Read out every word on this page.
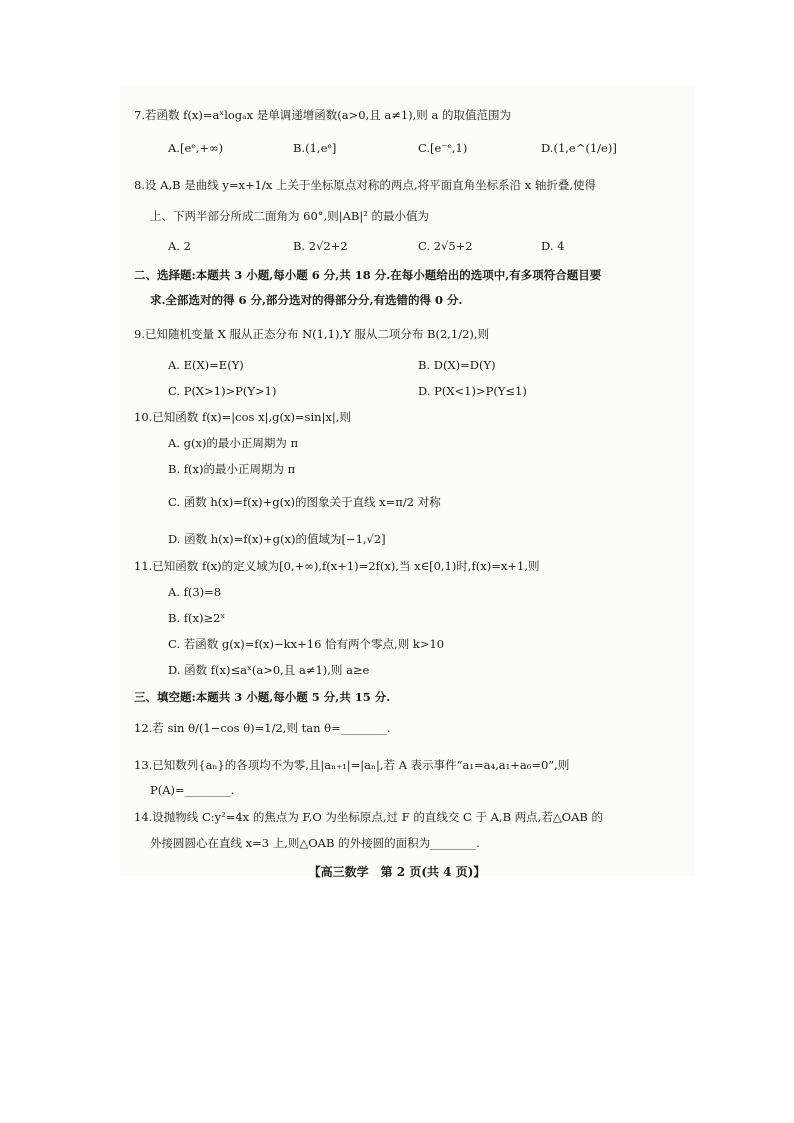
7.若函数 f(x)=aˣlogₐx 是单调递增函数(a>0,且 a≠1),则 a 的取值范围为
A.[eᵉ,+∞)	B.(1,eᵉ]	C.[e⁻ᵉ,1)	D.(1,e^(1/e)]
8.设 A,B 是曲线 y=x+1/x 上关于坐标原点对称的两点,将平面直角坐标系沿 x 轴折叠,使得
上、下两半部分所成二面角为 60°,则|AB|² 的最小值为
A. 2	B. 2√2+2	C. 2√5+2	D. 4
二、选择题:本题共 3 小题,每小题 6 分,共 18 分.在每小题给出的选项中,有多项符合题目要
求.全部选对的得 6 分,部分选对的得部分分,有选错的得 0 分.
9.已知随机变量 X 服从正态分布 N(1,1),Y 服从二项分布 B(2,1/2),则
A. E(X)=E(Y)	B. D(X)=D(Y)
C. P(X>1)>P(Y>1)	D. P(X<1)>P(Y≤1)
10.已知函数 f(x)=|cos x|,g(x)=sin|x|,则
A. g(x)的最小正周期为 π
B. f(x)的最小正周期为 π
C. 函数 h(x)=f(x)+g(x)的图象关于直线 x=π/2 对称
D. 函数 h(x)=f(x)+g(x)的值域为[−1,√2]
11.已知函数 f(x)的定义域为[0,+∞),f(x+1)=2f(x),当 x∈[0,1)时,f(x)=x+1,则
A. f(3)=8
B. f(x)≥2ˣ
C. 若函数 g(x)=f(x)−kx+16 恰有两个零点,则 k>10
D. 函数 f(x)≤aˣ(a>0,且 a≠1),则 a≥e
三、填空题:本题共 3 小题,每小题 5 分,共 15 分.
12.若 sin θ/(1−cos θ)=1/2,则 tan θ=________.
13.已知数列{aₙ}的各项均不为零,且|aₙ₊₁|=|aₙ|,若 A 表示事件“a₁=a₄,a₁+a₆=0”,则
P(A)=________.
14.设抛物线 C:y²=4x 的焦点为 F,O 为坐标原点,过 F 的直线交 C 于 A,B 两点,若△OAB 的
外接圆圆心在直线 x=3 上,则△OAB 的外接圆的面积为________.
【高三数学　第 2 页(共 4 页)】
